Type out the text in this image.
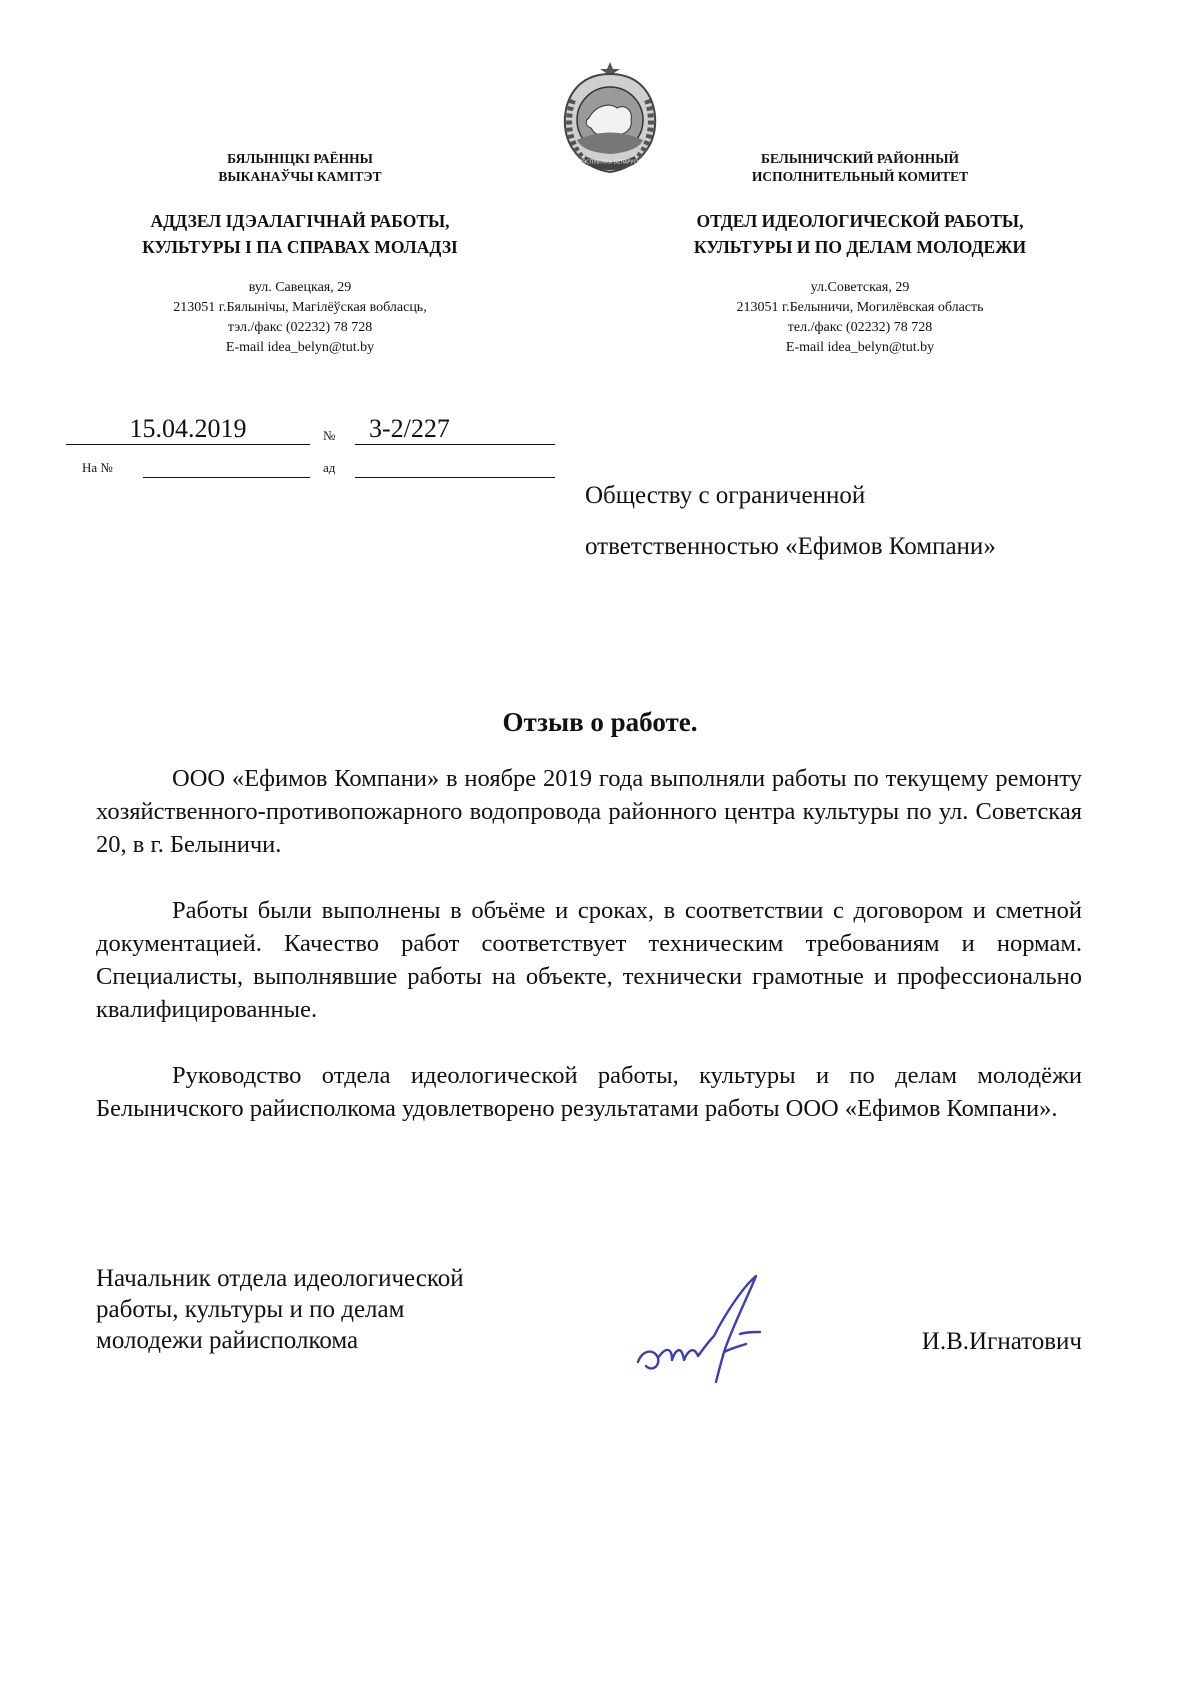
РЭСПУБЛІКА БЕЛАРУСЬ
БЯЛЫНІЦКІ РАЁННЫ
ВЫКАНАЎЧЫ КАМІТЭТ
АДДЗЕЛ ІДЭАЛАГІЧНАЙ РАБОТЫ,
КУЛЬТУРЫ І ПА СПРАВАХ МОЛАДЗІ
вул. Савецкая, 29
213051 г.Бялынічы, Магілёўская вобласць,
тэл./факс (02232) 78 728
E-mail idea_belyn@tut.by
БЕЛЫНИЧСКИЙ РАЙОННЫЙ
ИСПОЛНИТЕЛЬНЫЙ КОМИТЕТ
ОТДЕЛ ИДЕОЛОГИЧЕСКОЙ РАБОТЫ,
КУЛЬТУРЫ И ПО ДЕЛАМ МОЛОДЕЖИ
ул.Советская, 29
213051 г.Белыничи, Могилёвская область
тел./факс (02232) 78 728
E-mail idea_belyn@tut.by
15.04.2019	№	3-2/227
На №	ад
Обществу с ограниченной
ответственностью «Ефимов Компани»
Отзыв о работе.

ООО «Ефимов Компани» в ноябре 2019 года выполняли работы по текущему ремонту хозяйственного-противопожарного водопровода районного центра культуры по ул. Советская 20, в г. Белыничи.

Работы были выполнены в объёме и сроках, в соответствии с договором и сметной документацией. Качество работ соответствует техническим требованиям и нормам. Специалисты, выполнявшие работы на объекте, технически грамотные и профессионально квалифицированные.

Руководство отдела идеологической работы, культуры и по делам молодёжи Белыничского райисполкома удовлетворено результатами работы ООО «Ефимов Компани».

Начальник отдела идеологической
работы, культуры и по делам
молодежи райисполкома	И.В.Игнатович
